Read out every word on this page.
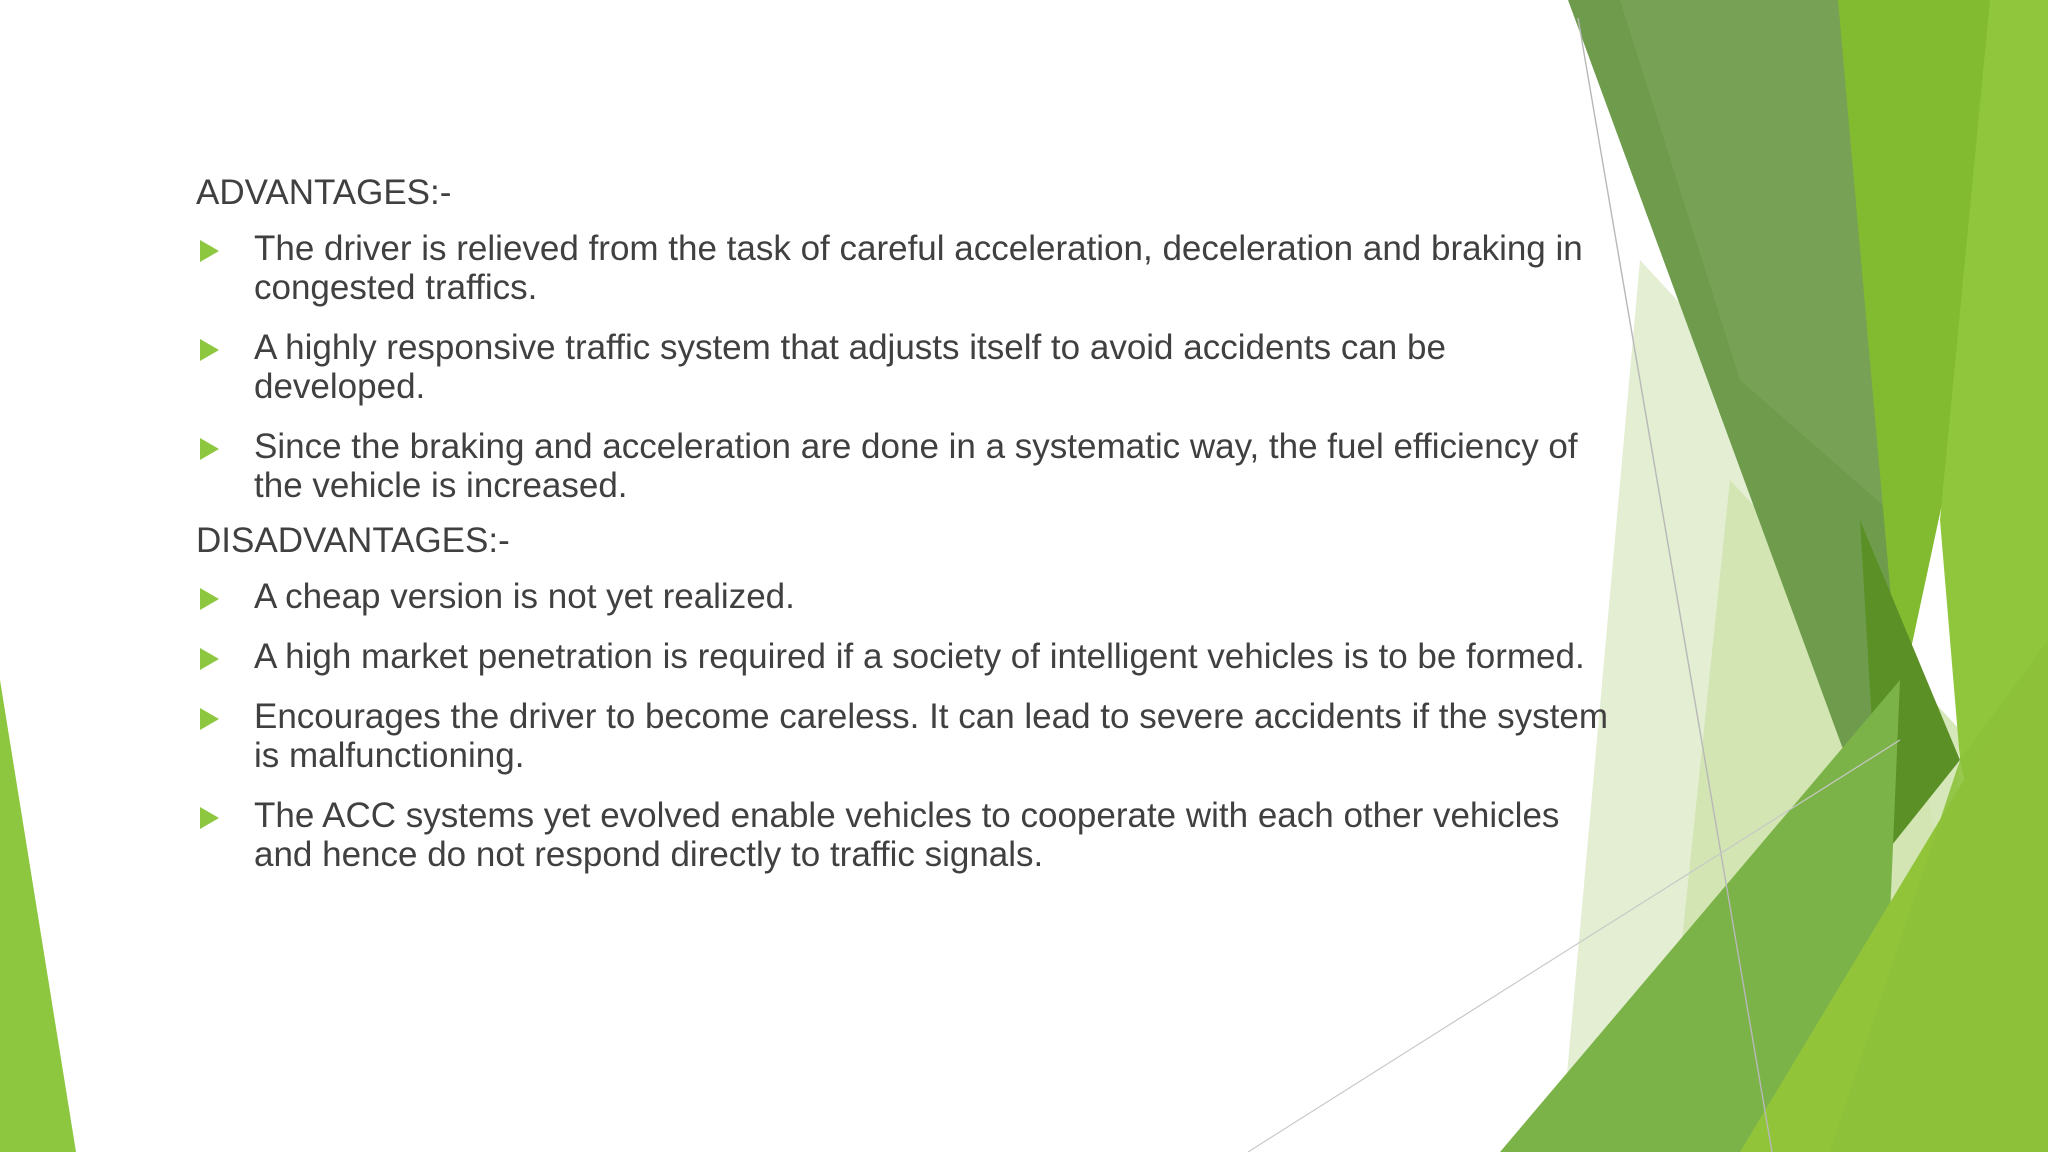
ADVANTAGES:-
The driver is relieved from the task of careful acceleration, deceleration and braking in congested traffics.
A highly responsive traffic system that adjusts itself to avoid accidents can be developed.
Since the braking and acceleration are done in a systematic way, the fuel efficiency of the vehicle is increased.
DISADVANTAGES:-
A cheap version is not yet realized.
A high market penetration is required if a society of intelligent vehicles is to be formed.
Encourages the driver to become careless. It can lead to severe accidents if the system is malfunctioning.
The ACC systems yet evolved enable vehicles to cooperate with each other vehicles and hence do not respond directly to traffic signals.
